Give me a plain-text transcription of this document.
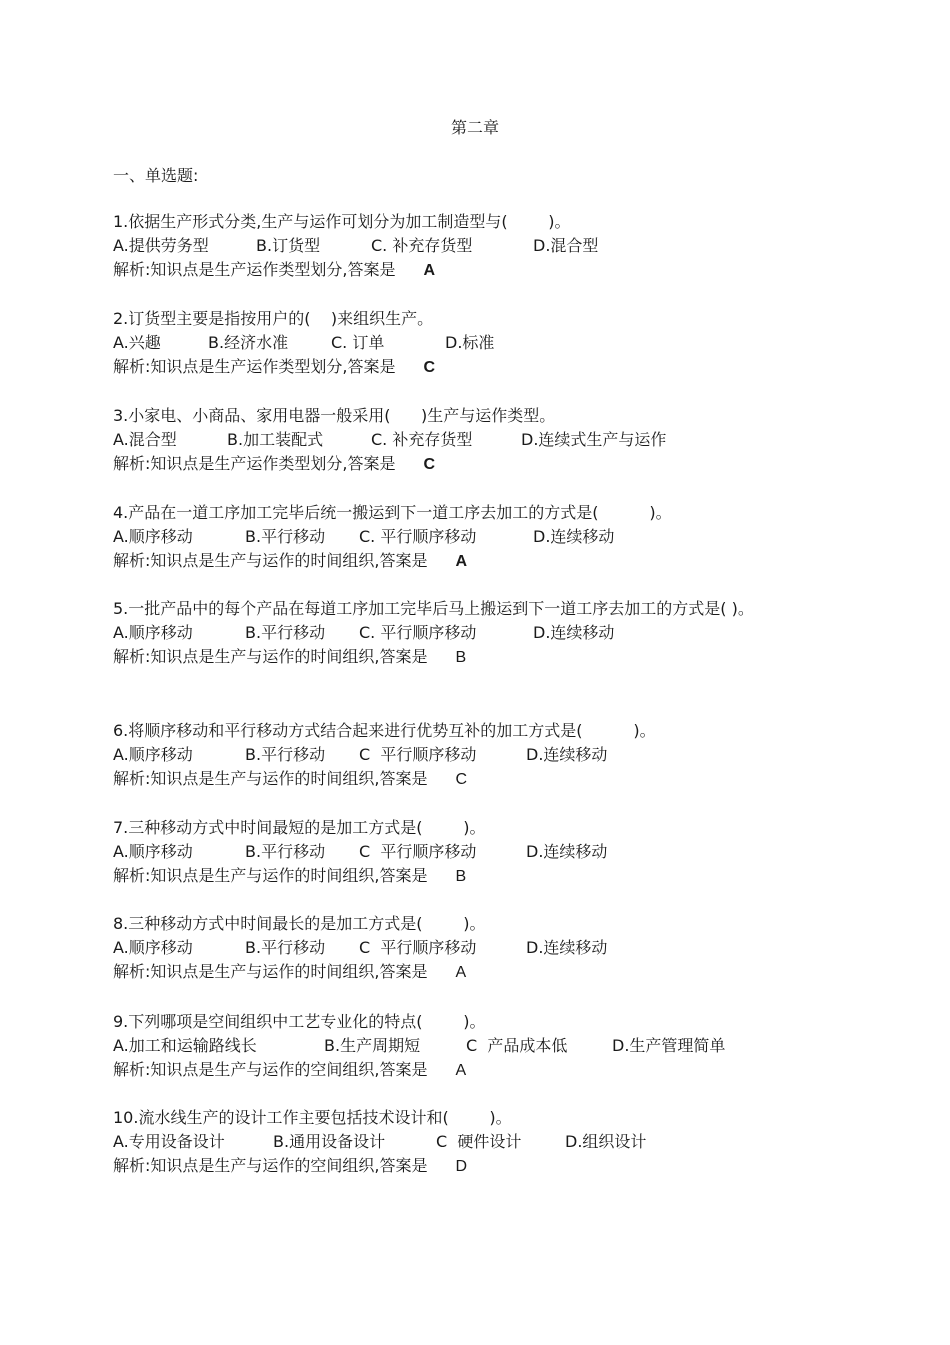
第二章
一、单选题:
1.依据生产形式分类,生产与运作可划分为加工制造型与(        )。
A.提供劳务型	B.订货型	C. 补充存货型	D.混合型
解析:知识点是生产运作类型划分,答案是 A
2.订货型主要是指按用户的(    )来组织生产。
A.兴趣	B.经济水准	C. 订单	D.标准
解析:知识点是生产运作类型划分,答案是 C
3.小家电、小商品、家用电器一般采用(      )生产与运作类型。
A.混合型	B.加工装配式	C. 补充存货型	D.连续式生产与运作
解析:知识点是生产运作类型划分,答案是 C
4.产品在一道工序加工完毕后统一搬运到下一道工序去加工的方式是(          )。
A.顺序移动	B.平行移动 C. 平行顺序移动	D.连续移动
解析:知识点是生产与运作的时间组织,答案是 A
5.一批产品中的每个产品在每道工序加工完毕后马上搬运到下一道工序去加工的方式是( )。
A.顺序移动	B.平行移动 C. 平行顺序移动	D.连续移动
解析:知识点是生产与运作的时间组织,答案是 B
6.将顺序移动和平行移动方式结合起来进行优势互补的加工方式是(          )。
A.顺序移动	B.平行移动 C  平行顺序移动	D.连续移动
解析:知识点是生产与运作的时间组织,答案是 C
7.三种移动方式中时间最短的是加工方式是(        )。
A.顺序移动	B.平行移动 C  平行顺序移动	D.连续移动
解析:知识点是生产与运作的时间组织,答案是 B
8.三种移动方式中时间最长的是加工方式是(        )。
A.顺序移动	B.平行移动 C  平行顺序移动	D.连续移动
解析:知识点是生产与运作的时间组织,答案是 A
9.下列哪项是空间组织中工艺专业化的特点(        )。
A.加工和运输路线长	B.生产周期短	C  产品成本低	D.生产管理简单
解析:知识点是生产与运作的空间组织,答案是 A
10.流水线生产的设计工作主要包括技术设计和(        )。
A.专用设备设计	B.通用设备设计	C  硬件设计	D.组织设计
解析:知识点是生产与运作的空间组织,答案是 D
